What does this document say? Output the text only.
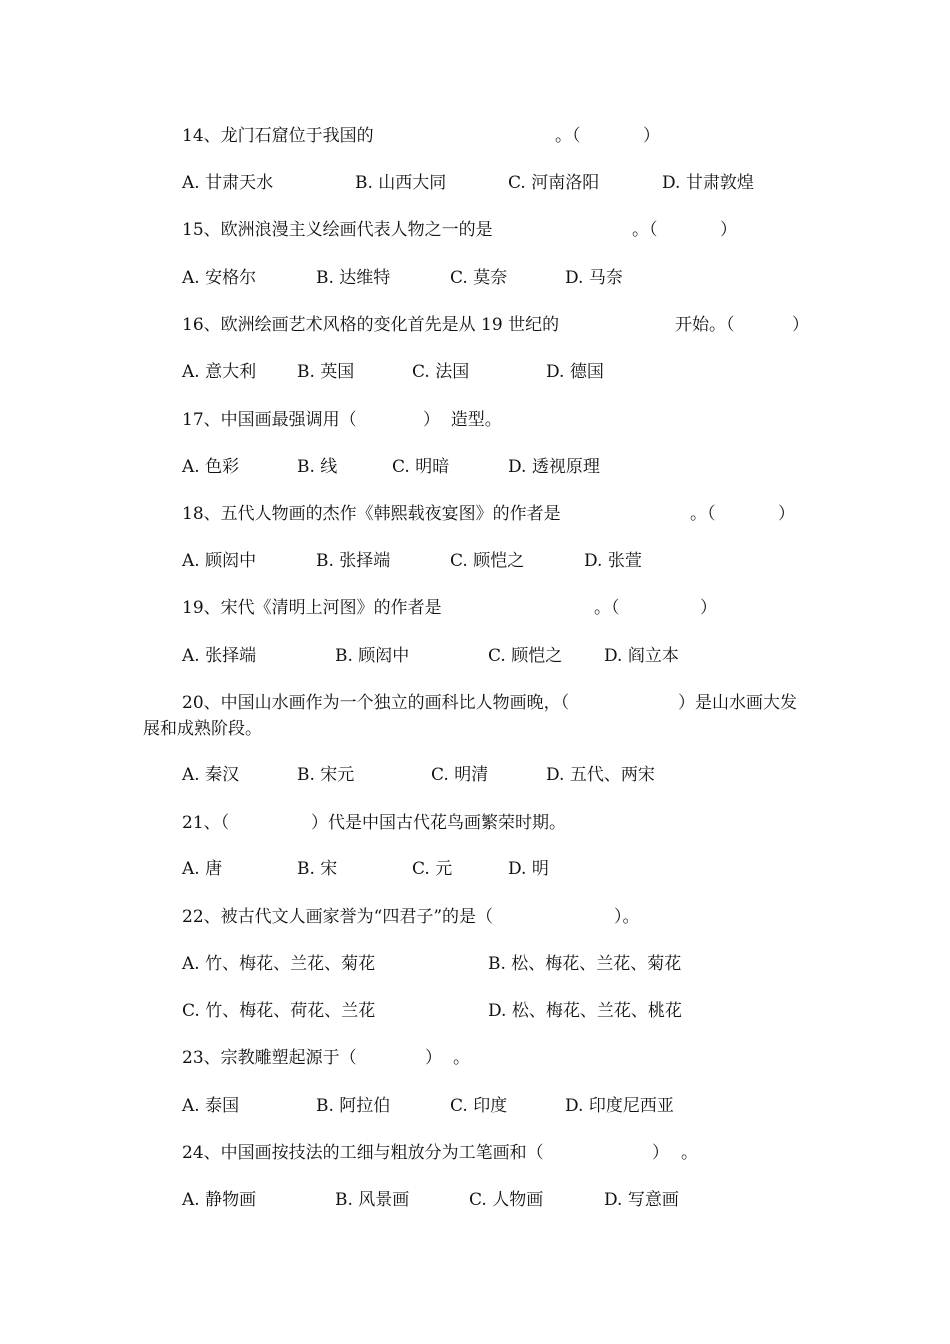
14、龙门石窟位于我国的	。（	）
A. 甘肃天水	B. 山西大同	C. 河南洛阳	D. 甘肃敦煌
15、欧洲浪漫主义绘画代表人物之一的是	。（	）
A. 安格尔	B. 达维特	C. 莫奈	D. 马奈
16、欧洲绘画艺术风格的变化首先是从 19 世纪的	开始。（	）
A. 意大利 B. 英国	C. 法国	D. 德国
17、中国画最强调用（	）  造型。
A. 色彩	B. 线	C. 明暗	D. 透视原理
18、五代人物画的杰作《韩熙载夜宴图》的作者是	。（	）
A. 顾闳中	B. 张择端	C. 顾恺之	D. 张萱
19、宋代《清明上河图》的作者是	。（	）
A. 张择端	B. 顾闳中	C. 顾恺之 D. 阎立本
20、中国山水画作为一个独立的画科比人物画晚，（	）是山水画大发
展和成熟阶段。
A. 秦汉	B. 宋元	C. 明清	D. 五代、两宋
21、（	）代是中国古代花鸟画繁荣时期。
A. 唐	B. 宋	C. 元	D. 明
22、被古代文人画家誉为“四君子”的是（	）。
A. 竹、梅花、兰花、菊花	B. 松、梅花、兰花、菊花
C. 竹、梅花、荷花、兰花	D. 松、梅花、兰花、桃花
23、宗教雕塑起源于（	） 。
A. 泰国	B. 阿拉伯	C. 印度	D. 印度尼西亚
24、中国画按技法的工细与粗放分为工笔画和（	） 。
A. 静物画	B. 风景画	C. 人物画	D. 写意画
